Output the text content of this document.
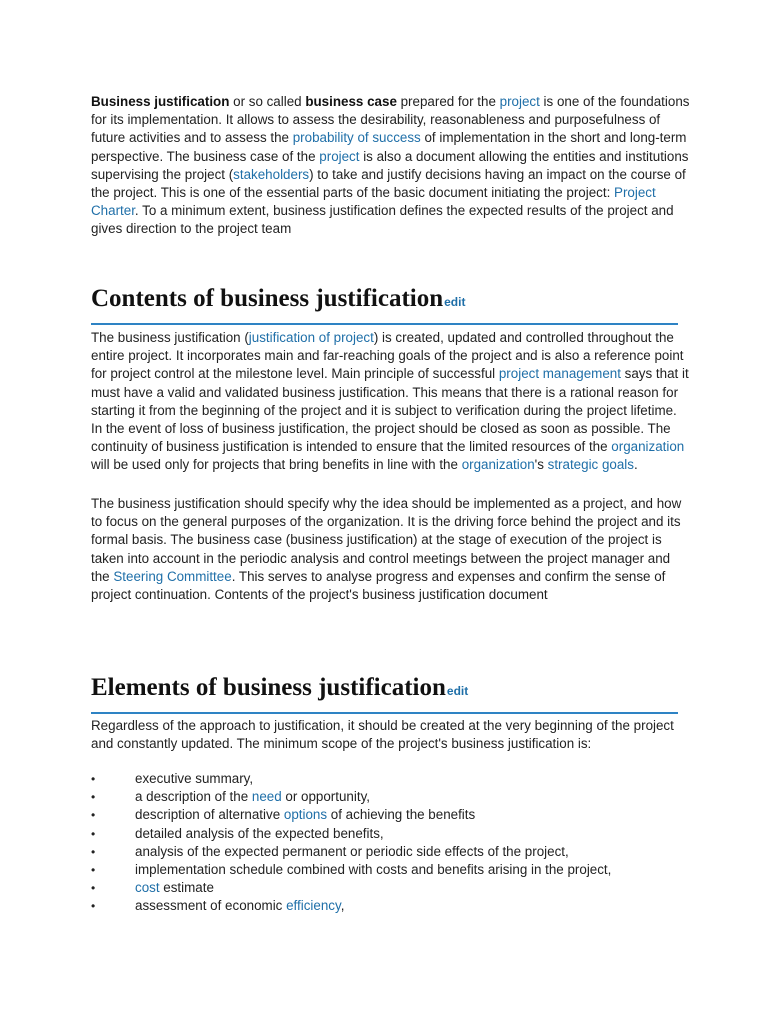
Business justification or so called business case prepared for the project is one of the foundations for its implementation. It allows to assess the desirability, reasonableness and purposefulness of future activities and to assess the probability of success of implementation in the short and long-term perspective. The business case of the project is also a document allowing the entities and institutions supervising the project (stakeholders) to take and justify decisions having an impact on the course of the project. This is one of the essential parts of the basic document initiating the project: Project Charter. To a minimum extent, business justification defines the expected results of the project and gives direction to the project team

Contents of business justificationedit

The business justification (justification of project) is created, updated and controlled throughout the entire project. It incorporates main and far-reaching goals of the project and is also a reference point for project control at the milestone level. Main principle of successful project management says that it must have a valid and validated business justification. This means that there is a rational reason for starting it from the beginning of the project and it is subject to verification during the project lifetime. In the event of loss of business justification, the project should be closed as soon as possible. The continuity of business justification is intended to ensure that the limited resources of the organization will be used only for projects that bring benefits in line with the organization's strategic goals.

The business justification should specify why the idea should be implemented as a project, and how to focus on the general purposes of the organization. It is the driving force behind the project and its formal basis. The business case (business justification) at the stage of execution of the project is taken into account in the periodic analysis and control meetings between the project manager and the Steering Committee. This serves to analyse progress and expenses and confirm the sense of project continuation. Contents of the project's business justification document

Elements of business justificationedit

Regardless of the approach to justification, it should be created at the very beginning of the project and constantly updated. The minimum scope of the project's business justification is:

•	executive summary,
•	a description of the need or opportunity,
•	description of alternative options of achieving the benefits
•	detailed analysis of the expected benefits,
•	analysis of the expected permanent or periodic side effects of the project,
•	implementation schedule combined with costs and benefits arising in the project,
•	cost estimate
•	assessment of economic efficiency,
